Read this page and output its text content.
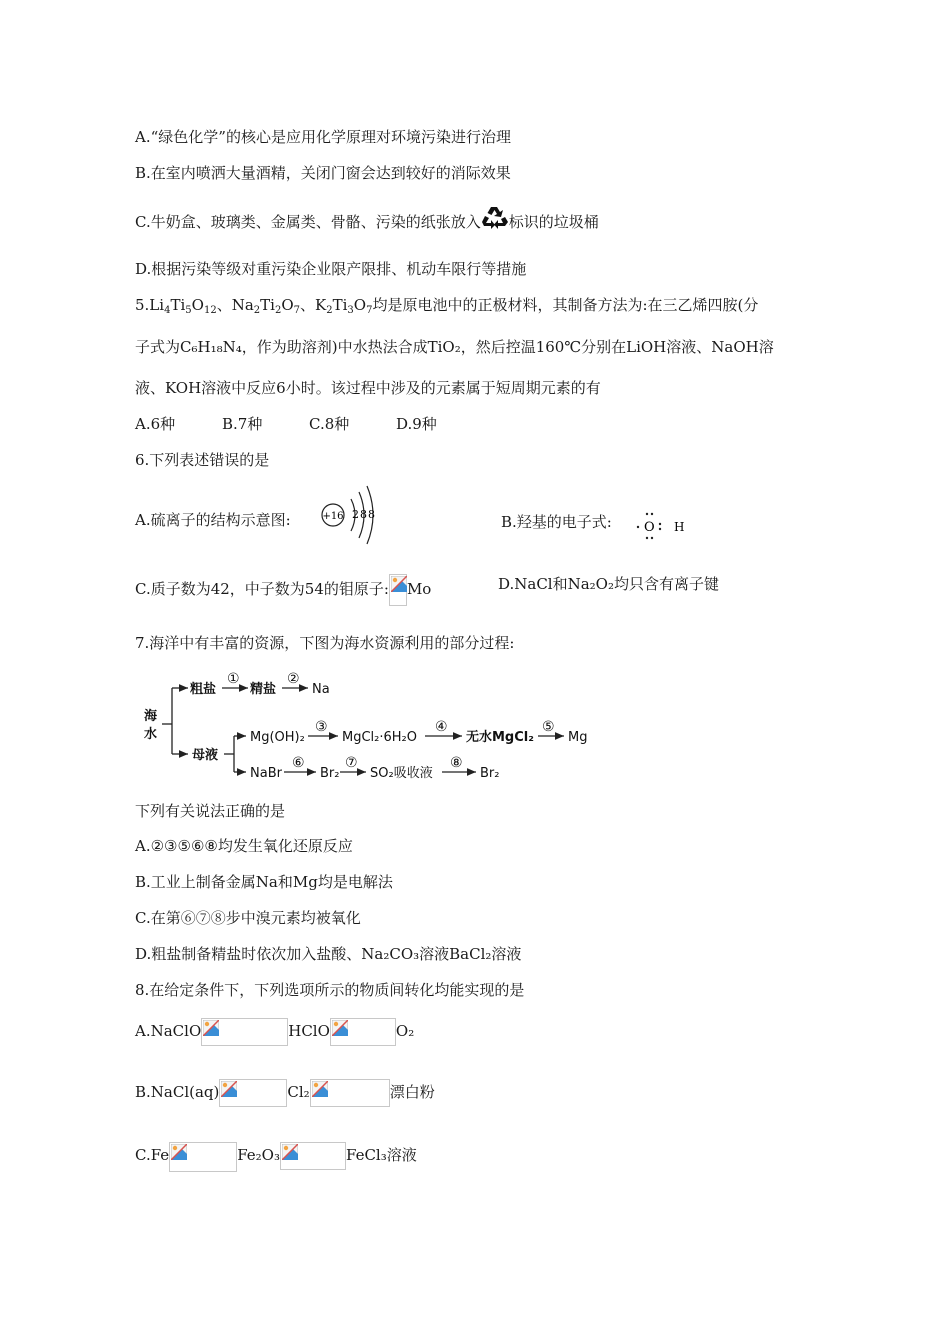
A.“绿色化学”的核心是应用化学原理对环境污染进行治理
B.在室内喷洒大量酒精，关闭门窗会达到较好的消际效果
C.牛奶盒、玻璃类、金属类、骨骼、污染的纸张放入 标识的垃圾桶
D.根据污染等级对重污染企业限产限排、机动车限行等措施
$5.Li_4Ti_5O_{12}$、$Na_2Ti_2O_7$、$K_2Ti_3O_7$均是原电池中的正极材料，其制备方法为:在三乙烯四胺(分
子式为C₆H₁₈N₄，作为助溶剂)中水热法合成TiO₂，然后控温160℃分别在LiOH溶液、NaOH溶
液、KOH溶液中反应6小时。该过程中涉及的元素属于短周期元素的有
A.6种	B.7种	C.8种	D.9种
6.下列表述错误的是
A.硫离子的结构示意图:	+16 2 8 8	B.羟基的电子式: O H
C.质子数为42，中子数为54的钼原子: Mo	D.NaCl和Na₂O₂均只含有离子键
7.海洋中有丰富的资源，下图为海水资源利用的部分过程:
海
水
粗盐	精盐	Na
母液
Mg(OH)₂	MgCl₂·6H₂O	无水MgCl₂	Mg
NaBr	Br₂ SO₂吸收液	Br₂
①	②
③	④	⑤
⑥	⑦	⑧
下列有关说法正确的是
A.②③⑤⑥⑧均发生氧化还原反应
B.工业上制备金属Na和Mg均是电解法
C.在第⑥⑦⑧步中溴元素均被氧化
D.粗盐制备精盐时依次加入盐酸、Na₂CO₃溶液BaCl₂溶液
8.在给定条件下，下列选项所示的物质间转化均能实现的是
A.NaClO	HClO	O₂
B.NaCl(aq)	Cl₂	漂白粉
C.Fe	Fe₂O₃	FeCl₃溶液
